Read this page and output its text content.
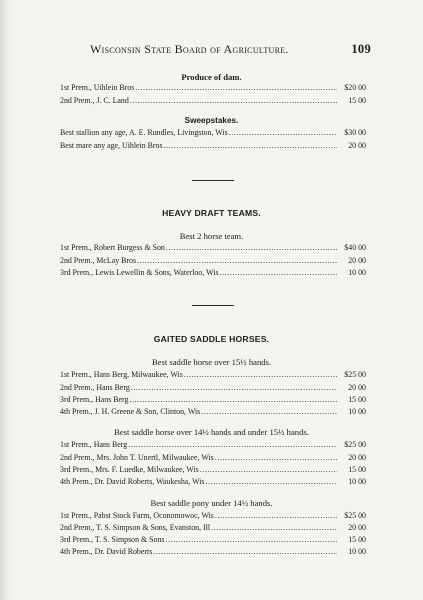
Wisconsin State Board of Agriculture.	109
Produce of dam.
1st Prem., Uihlein Bros .....	$20 00
2nd Prem., J. C. Land .....	15 00
Sweepstakes.
Best stallion any age, A. E. Rundles, Livingston, Wis .....	$30 00
Best mare any age, Uihlein Bros .....	20 00
HEAVY DRAFT TEAMS.
Best 2 horse team.
1st Prem., Robert Burgess & Son .....	$40 00
2nd Prem., McLay Bros .....	20 00
3rd Prem., Lewis Lewellin & Sons, Waterloo, Wis .....	10 00
GAITED SADDLE HORSES.
Best saddle horse over 15½ hands.
1st Prem., Hans Berg, Milwaukee, Wis .....	$25 00
2nd Prem., Hans Berg .....	20 00
3rd Prem., Hans Berg .....	15 00
4th Prem., J. H. Greene & Son, Clinton, Wis .....	10 00
Best saddle horse over 14½ hands and under 15½ hands.
1st Prem., Hans Berg .....	$25 00
2nd Prem., Mrs. John T. Unertl, Milwaukee, Wis .....	20 00
3rd Prem., Mrs. F. Luedke, Milwaukee, Wis .....	15 00
4th Prem., Dr. David Roberts, Waukesha, Wis .....	10 00
Best saddle pony under 14½ hands.
1st Prem., Pabst Stock Farm, Oconomowoc, Wis .....	$25 00
2nd Prem., T. S. Simpson & Sons, Evanston, Ill .....	20 00
3rd Prem., T. S. Simpson & Sons .....	15 00
4th Prem., Dr. David Roberts .....	10 00
